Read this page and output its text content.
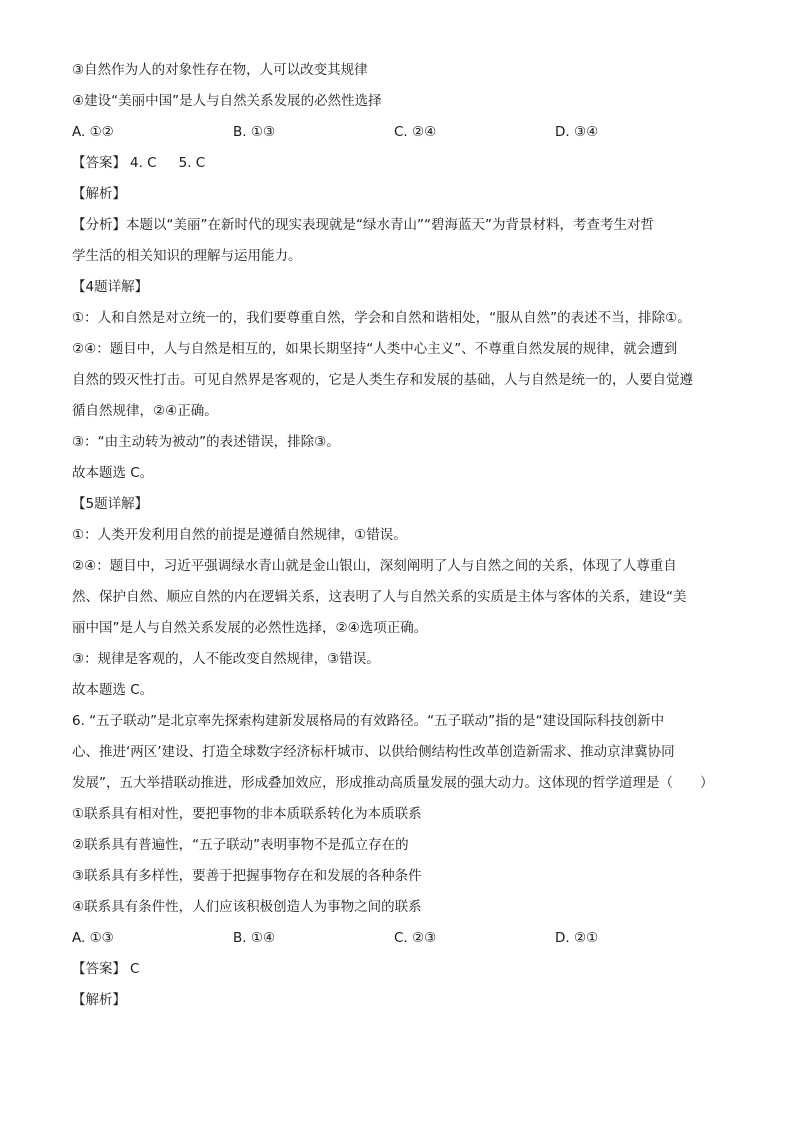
③自然作为人的对象性存在物，人可以改变其规律
④建设“美丽中国”是人与自然关系发展的必然性选择
A. ①②	B. ①③	C. ②④	D. ③④
【答案】 4. C 5. C
【解析】
【分析】本题以“美丽”在新时代的现实表现就是“绿水青山”“碧海蓝天”为背景材料，考查考生对哲
学生活的相关知识的理解与运用能力。
【4题详解】
①：人和自然是对立统一的，我们要尊重自然，学会和自然和谐相处，“服从自然”的表述不当，排除①。
②④：题目中，人与自然是相互的，如果长期坚持“人类中心主义”、不尊重自然发展的规律，就会遭到
自然的毁灭性打击。可见自然界是客观的，它是人类生存和发展的基础，人与自然是统一的，人要自觉遵
循自然规律，②④正确。
③：“由主动转为被动”的表述错误，排除③。
故本题选 C。
【5题详解】
①：人类开发利用自然的前提是遵循自然规律，①错误。
②④：题目中，习近平强调绿水青山就是金山银山，深刻阐明了人与自然之间的关系，体现了人尊重自
然、保护自然、顺应自然的内在逻辑关系，这表明了人与自然关系的实质是主体与客体的关系，建设“美
丽中国”是人与自然关系发展的必然性选择，②④选项正确。
③：规律是客观的，人不能改变自然规律，③错误。
故本题选 C。
6. “五子联动”是北京率先探索构建新发展格局的有效路径。“五子联动”指的是“建设国际科技创新中
心、推进‘两区’建设、打造全球数字经济标杆城市、以供给侧结构性改革创造新需求、推动京津冀协同
发展”，五大举措联动推进，形成叠加效应，形成推动高质量发展的强大动力。这体现的哲学道理是（　　）
①联系具有相对性，要把事物的非本质联系转化为本质联系
②联系具有普遍性，“五子联动”表明事物不是孤立存在的
③联系具有多样性，要善于把握事物存在和发展的各种条件
④联系具有条件性，人们应该积极创造人为事物之间的联系
A. ①③	B. ①④	C. ②③	D. ②①
【答案】 C
【解析】
